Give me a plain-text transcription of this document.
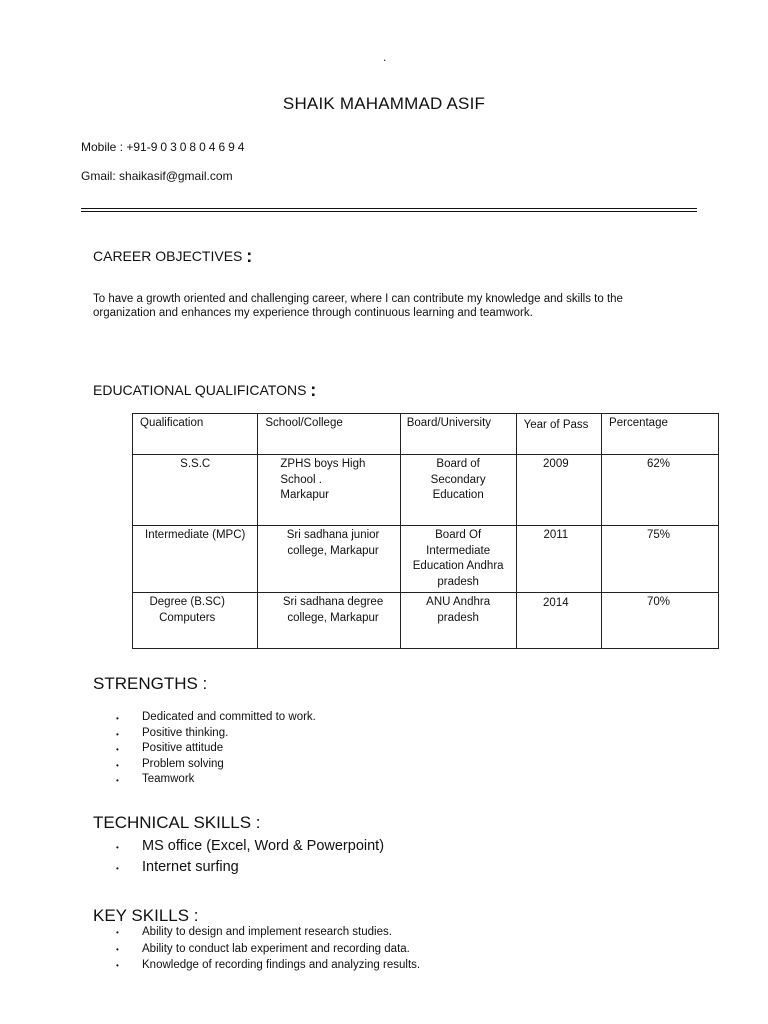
.
SHAIK MAHAMMAD ASIF
Mobile : +91-9030804694
Gmail: shaikasif@gmail.com
CAREER OBJECTIVES :
To have a growth oriented and challenging career, where I can contribute my knowledge and skills to the organization and enhances my experience through continuous learning and teamwork.
EDUCATIONAL QUALIFICATONS :
Qualification	School/College	Board/University	Year of Pass	Percentage
S.S.C	ZPHS boys High School . Markapur	Board of Secondary Education	2009	62%
Intermediate (MPC)	Sri sadhana junior college, Markapur	Board Of Intermediate Education Andhra pradesh	2011	75%
Degree (B.SC) Computers	Sri sadhana degree college, Markapur	ANU Andhra pradesh	2014	70%
STRENGTHS :
• Dedicated and committed to work.
• Positive thinking.
• Positive attitude
• Problem solving
• Teamwork
TECHNICAL SKILLS :
• MS office (Excel, Word & Powerpoint)
• Internet surfing
KEY SKILLS :
• Ability to design and implement research studies.
• Ability to conduct lab experiment and recording data.
• Knowledge of recording findings and analyzing results.
